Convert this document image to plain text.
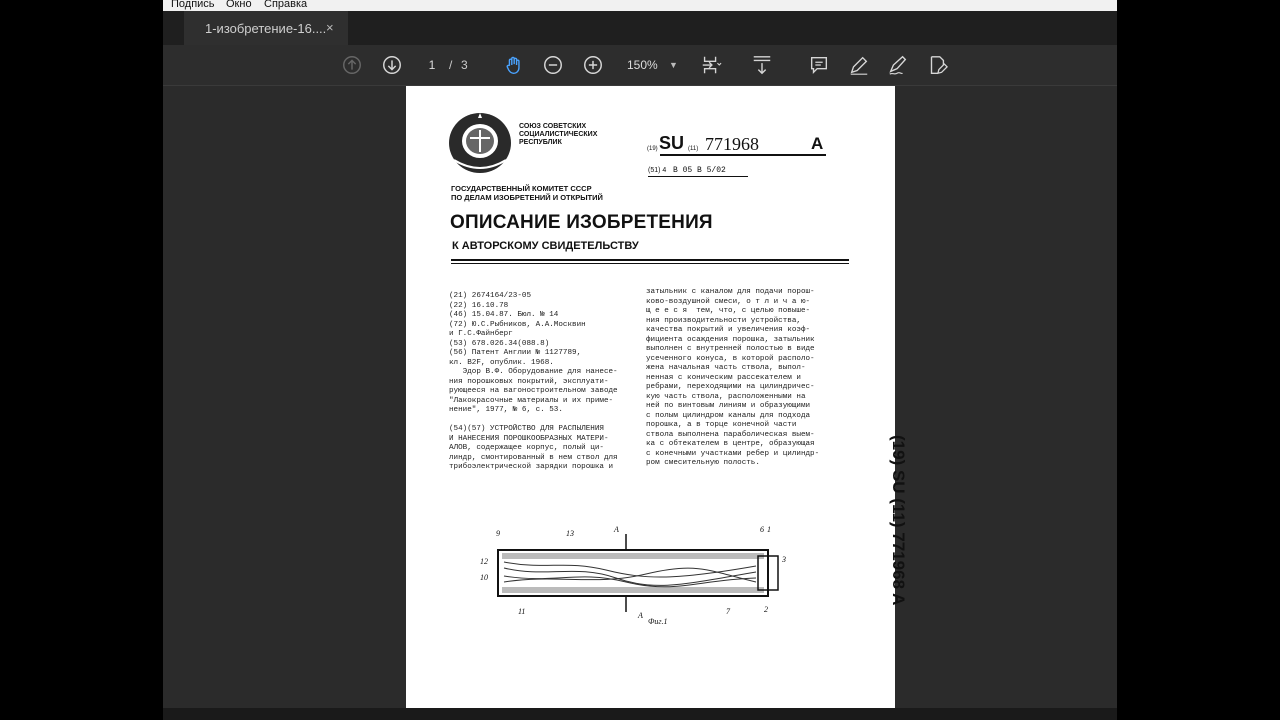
Подпись Окно Справка
1-изобретение-16.... ×
1	/ 3	150% ▼
СОЮЗ СОВЕТСКИХ
СОЦИАЛИСТИЧЕСКИХ
РЕСПУБЛИК
(19) SU (11) 771968	A
(51) 4 В 05 В 5/02
ГОСУДАРСТВЕННЫЙ КОМИТЕТ СССР
ПО ДЕЛАМ ИЗОБРЕТЕНИЙ И ОТКРЫТИЙ
ОПИСАНИЕ ИЗОБРЕТЕНИЯ
К АВТОРСКОМУ СВИДЕТЕЛЬСТВУ
(21) 2674164/23-05
(22) 16.10.78
(46) 15.04.87. Бюл. № 14
(72) Ю.С.Рыбников, А.А.Москвин
и Г.С.Файнберг
(53) 678.026.34(088.8)
(56) Патент Англии № 1127789,
кл. B2F, опублик. 1968.
Эдор В.Ф. Оборудование для нанесе-
ния порошковых покрытий, эксплуати-
рующееся на вагоностроительном заводе
"Лакокрасочные материалы и их приме-
нение", 1977, № 6, с. 53.

(54)(57) УСТРОЙСТВО ДЛЯ РАСПЫЛЕНИЯ
И НАНЕСЕНИЯ ПОРОШКООБРАЗНЫХ МАТЕРИ-
АЛОВ, содержащее корпус, полый ци-
линдр, смонтированный в нем ствол для
трибоэлектрической зарядки порошка и
затыльник с каналом для подачи порош-
ково-воздушной смеси, о т л и ч а ю-
щ е е с я  тем, что, с целью повыше-
ния производительности устройства,
качества покрытий и увеличения коэф-
фициента осаждения порошка, затыльник
выполнен с внутренней полостью в виде
усеченного конуса, в которой располо-
жена начальная часть ствола, выпол-
ненная с коническим рассекателем и
ребрами, переходящими на цилиндричес-
кую часть ствола, расположенными на
ней по винтовым линиям и образующими
с полым цилиндром каналы для подхода
порошка, а в торце конечной части
ствола выполнена параболическая выем-
ка с обтекателем в центре, образующая
с конечными участками ребер и цилиндр-
ром смесительную полость.	(19) SU (11) 771968 A
9	13	A	6 1
3
12
10
11	A	7	2
Фиг.1
